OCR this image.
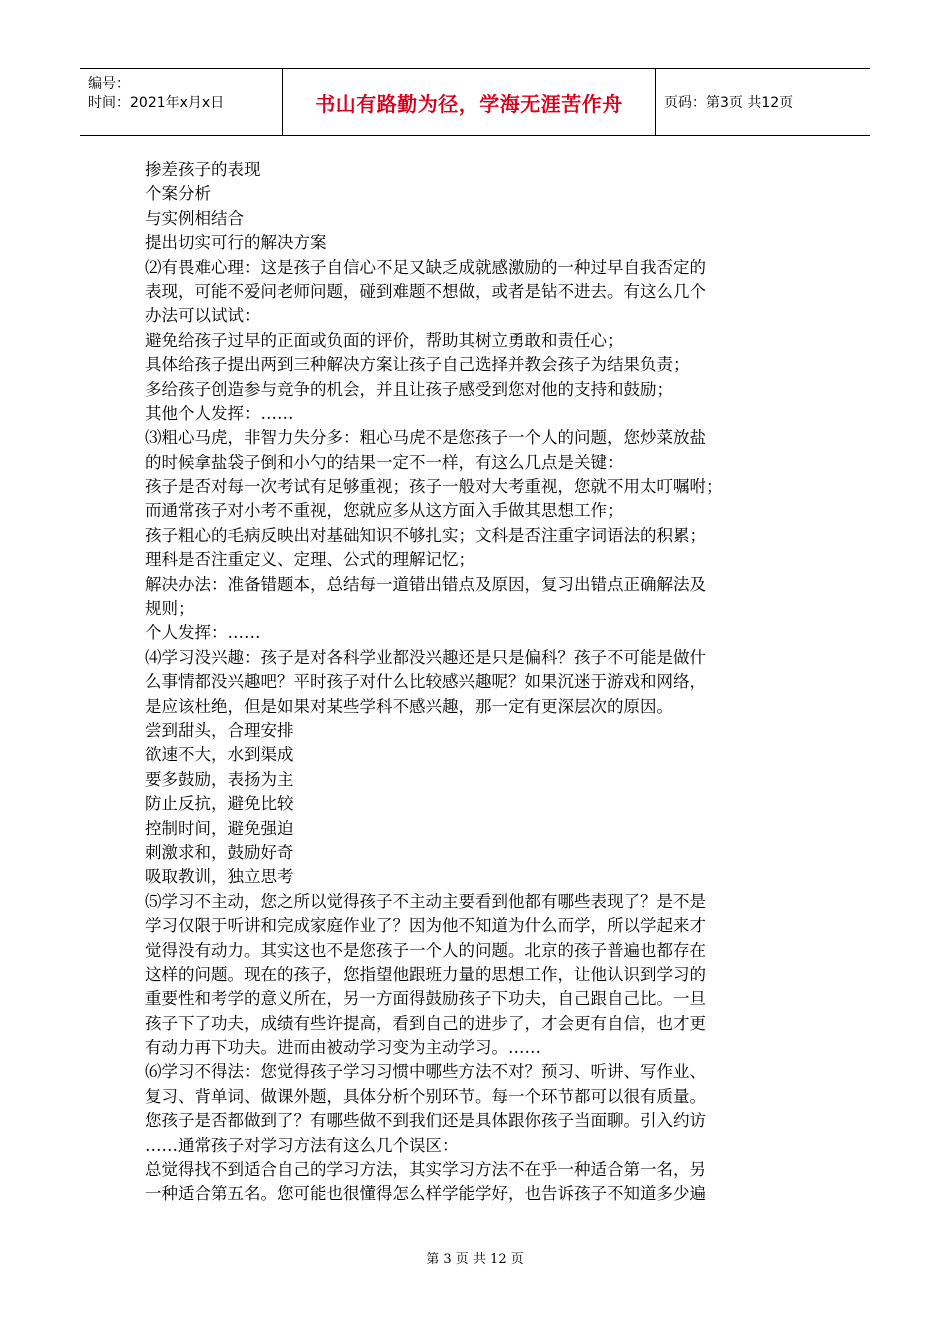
编号：
时间：2021年x月x日	书山有路勤为径，学海无涯苦作舟	页码：第3页 共12页
掺差孩子的表现
个案分析
与实例相结合
提出切实可行的解决方案
⑵有畏难心理：这是孩子自信心不足又缺乏成就感激励的一种过早自我否定的
表现，可能不爱问老师问题，碰到难题不想做，或者是钻不进去。有这么几个
办法可以试试：
避免给孩子过早的正面或负面的评价，帮助其树立勇敢和责任心；
具体给孩子提出两到三种解决方案让孩子自己选择并教会孩子为结果负责；
多给孩子创造参与竞争的机会，并且让孩子感受到您对他的支持和鼓励；
其他个人发挥：……
⑶粗心马虎，非智力失分多：粗心马虎不是您孩子一个人的问题，您炒菜放盐
的时候拿盐袋子倒和小勺的结果一定不一样，有这么几点是关键：
孩子是否对每一次考试有足够重视；孩子一般对大考重视，您就不用太叮嘱咐；
而通常孩子对小考不重视，您就应多从这方面入手做其思想工作；
孩子粗心的毛病反映出对基础知识不够扎实；文科是否注重字词语法的积累；
理科是否注重定义、定理、公式的理解记忆；
解决办法：准备错题本，总结每一道错出错点及原因，复习出错点正确解法及
规则；
个人发挥：……
⑷学习没兴趣：孩子是对各科学业都没兴趣还是只是偏科？孩子不可能是做什
么事情都没兴趣吧？平时孩子对什么比较感兴趣呢？如果沉迷于游戏和网络，
是应该杜绝，但是如果对某些学科不感兴趣，那一定有更深层次的原因。
尝到甜头，合理安排
欲速不大，水到渠成
要多鼓励，表扬为主
防止反抗，避免比较
控制时间，避免强迫
刺激求和，鼓励好奇
吸取教训，独立思考
⑸学习不主动，您之所以觉得孩子不主动主要看到他都有哪些表现了？是不是
学习仅限于听讲和完成家庭作业了？因为他不知道为什么而学，所以学起来才
觉得没有动力。其实这也不是您孩子一个人的问题。北京的孩子普遍也都存在
这样的问题。现在的孩子，您指望他跟班力量的思想工作，让他认识到学习的
重要性和考学的意义所在，另一方面得鼓励孩子下功夫，自己跟自己比。一旦
孩子下了功夫，成绩有些许提高，看到自己的进步了，才会更有自信，也才更
有动力再下功夫。进而由被动学习变为主动学习。……
⑹学习不得法：您觉得孩子学习习惯中哪些方法不对？预习、听讲、写作业、
复习、背单词、做课外题，具体分析个别环节。每一个环节都可以很有质量。
您孩子是否都做到了？有哪些做不到我们还是具体跟你孩子当面聊。引入约访
……通常孩子对学习方法有这么几个误区：
总觉得找不到适合自己的学习方法，其实学习方法不在乎一种适合第一名，另
一种适合第五名。您可能也很懂得怎么样学能学好，也告诉孩子不知道多少遍
第 3 页 共 12 页
